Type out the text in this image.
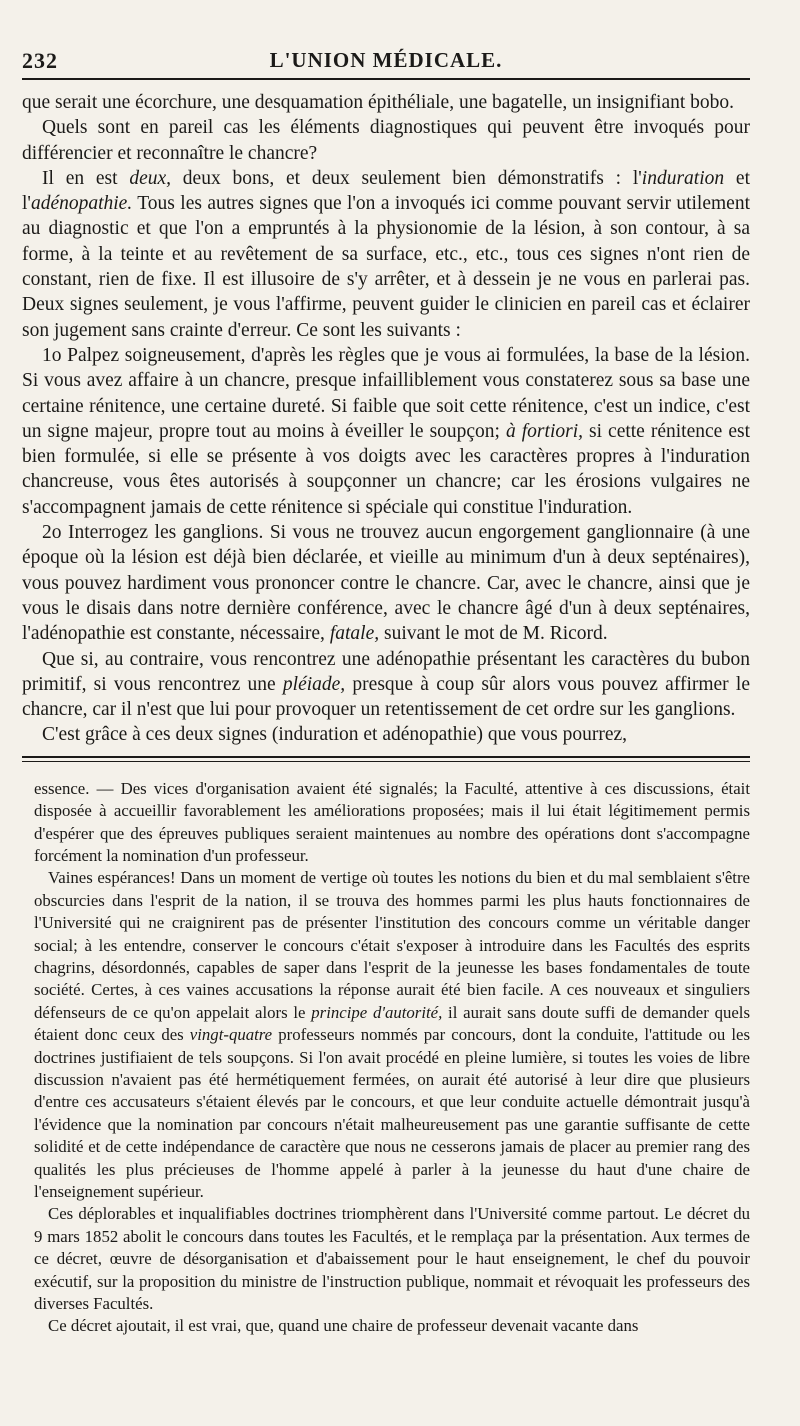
232	L'UNION MÉDICALE.

que serait une écorchure, une desquamation épithéliale, une bagatelle, un insignifiant bobo.

Quels sont en pareil cas les éléments diagnostiques qui peuvent être invoqués pour différencier et reconnaître le chancre?

Il en est deux, deux bons, et deux seulement bien démonstratifs : l'induration et l'adénopathie. Tous les autres signes que l'on a invoqués ici comme pouvant servir utilement au diagnostic et que l'on a empruntés à la physionomie de la lésion, à son contour, à sa forme, à la teinte et au revêtement de sa surface, etc., etc., tous ces signes n'ont rien de constant, rien de fixe. Il est illusoire de s'y arrêter, et à dessein je ne vous en parlerai pas. Deux signes seulement, je vous l'affirme, peuvent guider le clinicien en pareil cas et éclairer son jugement sans crainte d'erreur. Ce sont les suivants :

1o Palpez soigneusement, d'après les règles que je vous ai formulées, la base de la lésion. Si vous avez affaire à un chancre, presque infailliblement vous constaterez sous sa base une certaine rénitence, une certaine dureté. Si faible que soit cette rénitence, c'est un indice, c'est un signe majeur, propre tout au moins à éveiller le soupçon; à fortiori, si cette rénitence est bien formulée, si elle se présente à vos doigts avec les caractères propres à l'induration chancreuse, vous êtes autorisés à soupçonner un chancre; car les érosions vulgaires ne s'accompagnent jamais de cette rénitence si spéciale qui constitue l'induration.

2o Interrogez les ganglions. Si vous ne trouvez aucun engorgement ganglionnaire (à une époque où la lésion est déjà bien déclarée, et vieille au minimum d'un à deux septénaires), vous pouvez hardiment vous prononcer contre le chancre. Car, avec le chancre, ainsi que je vous le disais dans notre dernière conférence, avec le chancre âgé d'un à deux septénaires, l'adénopathie est constante, nécessaire, fatale, suivant le mot de M. Ricord.

Que si, au contraire, vous rencontrez une adénopathie présentant les caractères du bubon primitif, si vous rencontrez une pléiade, presque à coup sûr alors vous pouvez affirmer le chancre, car il n'est que lui pour provoquer un retentissement de cet ordre sur les ganglions.

C'est grâce à ces deux signes (induration et adénopathie) que vous pourrez,

essence. — Des vices d'organisation avaient été signalés; la Faculté, attentive à ces discussions, était disposée à accueillir favorablement les améliorations proposées; mais il lui était légitimement permis d'espérer que des épreuves publiques seraient maintenues au nombre des opérations dont s'accompagne forcément la nomination d'un professeur.

Vaines espérances! Dans un moment de vertige où toutes les notions du bien et du mal semblaient s'être obscurcies dans l'esprit de la nation, il se trouva des hommes parmi les plus hauts fonctionnaires de l'Université qui ne craignirent pas de présenter l'institution des concours comme un véritable danger social; à les entendre, conserver le concours c'était s'exposer à introduire dans les Facultés des esprits chagrins, désordonnés, capables de saper dans l'esprit de la jeunesse les bases fondamentales de toute société. Certes, à ces vaines accusations la réponse aurait été bien facile. A ces nouveaux et singuliers défenseurs de ce qu'on appelait alors le principe d'autorité, il aurait sans doute suffi de demander quels étaient donc ceux des vingt-quatre professeurs nommés par concours, dont la conduite, l'attitude ou les doctrines justifiaient de tels soupçons. Si l'on avait procédé en pleine lumière, si toutes les voies de libre discussion n'avaient pas été hermétiquement fermées, on aurait été autorisé à leur dire que plusieurs d'entre ces accusateurs s'étaient élevés par le concours, et que leur conduite actuelle démontrait jusqu'à l'évidence que la nomination par concours n'était malheureusement pas une garantie suffisante de cette solidité et de cette indépendance de caractère que nous ne cesserons jamais de placer au premier rang des qualités les plus précieuses de l'homme appelé à parler à la jeunesse du haut d'une chaire de l'enseignement supérieur.

Ces déplorables et inqualifiables doctrines triomphèrent dans l'Université comme partout. Le décret du 9 mars 1852 abolit le concours dans toutes les Facultés, et le remplaça par la présentation. Aux termes de ce décret, œuvre de désorganisation et d'abaissement pour le haut enseignement, le chef du pouvoir exécutif, sur la proposition du ministre de l'instruction publique, nommait et révoquait les professeurs des diverses Facultés.

Ce décret ajoutait, il est vrai, que, quand une chaire de professeur devenait vacante dans
